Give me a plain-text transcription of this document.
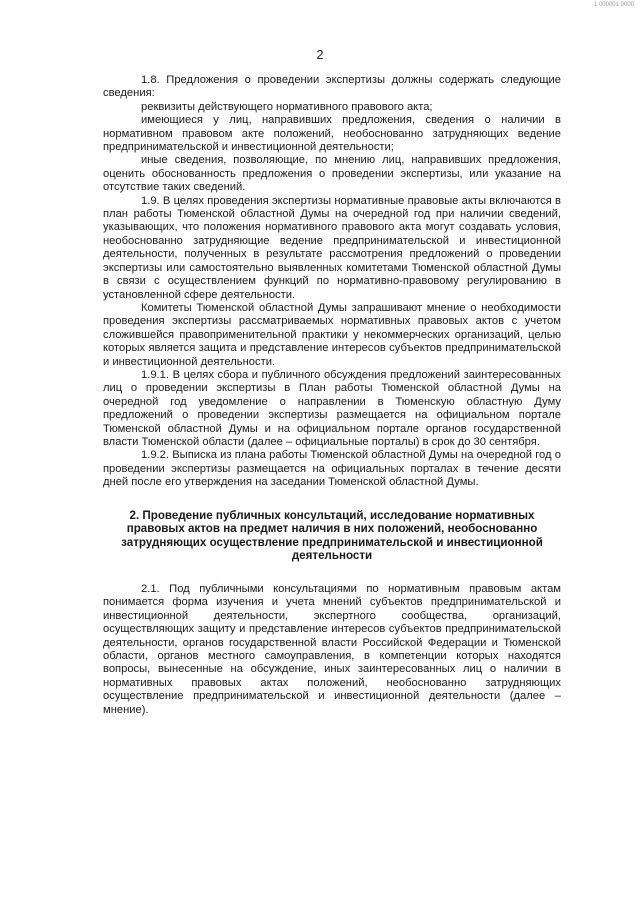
1 000001 0000
2

1.8. Предложения о проведении экспертизы должны содержать следующие сведения:

реквизиты действующего нормативного правового акта;

имеющиеся у лиц, направивших предложения, сведения о наличии в нормативном правовом акте положений, необоснованно затрудняющих ведение предпринимательской и инвестиционной деятельности;

иные сведения, позволяющие, по мнению лиц, направивших предложения, оценить обоснованность предложения о проведении экспертизы, или указание на отсутствие таких сведений.

1.9. В целях проведения экспертизы нормативные правовые акты включаются в план работы Тюменской областной Думы на очередной год при наличии сведений, указывающих, что положения нормативного правового акта могут создавать условия, необоснованно затрудняющие ведение предпринимательской и инвестиционной деятельности, полученных в результате рассмотрения предложений о проведении экспертизы или самостоятельно выявленных комитетами Тюменской областной Думы в связи с осуществлением функций по нормативно-правовому регулированию в установленной сфере деятельности.

Комитеты Тюменской областной Думы запрашивают мнение о необходимости проведения экспертизы рассматриваемых нормативных правовых актов с учетом сложившейся правоприменительной практики у некоммерческих организаций, целью которых является защита и представление интересов субъектов предпринимательской и инвестиционной деятельности.

1.9.1. В целях сбора и публичного обсуждения предложений заинтересованных лиц о проведении экспертизы в План работы Тюменской областной Думы на очередной год уведомление о направлении в Тюменскую областную Думу предложений о проведении экспертизы размещается на официальном портале Тюменской областной Думы и на официальном портале органов государственной власти Тюменской области (далее – официальные порталы) в срок до 30 сентября.

1.9.2. Выписка из плана работы Тюменской областной Думы на очередной год о проведении экспертизы размещается на официальных порталах в течение десяти дней после его утверждения на заседании Тюменской областной Думы.

2. Проведение публичных консультаций, исследование нормативных правовых актов на предмет наличия в них положений, необоснованно затрудняющих осуществление предпринимательской и инвестиционной деятельности

2.1. Под публичными консультациями по нормативным правовым актам понимается форма изучения и учета мнений субъектов предпринимательской и инвестиционной деятельности, экспертного сообщества, организаций, осуществляющих защиту и представление интересов субъектов предпринимательской деятельности, органов государственной власти Российской Федерации и Тюменской области, органов местного самоуправления, в компетенции которых находятся вопросы, вынесенные на обсуждение, иных заинтересованных лиц о наличии в нормативных правовых актах положений, необоснованно затрудняющих осуществление предпринимательской и инвестиционной деятельности (далее – мнение).
